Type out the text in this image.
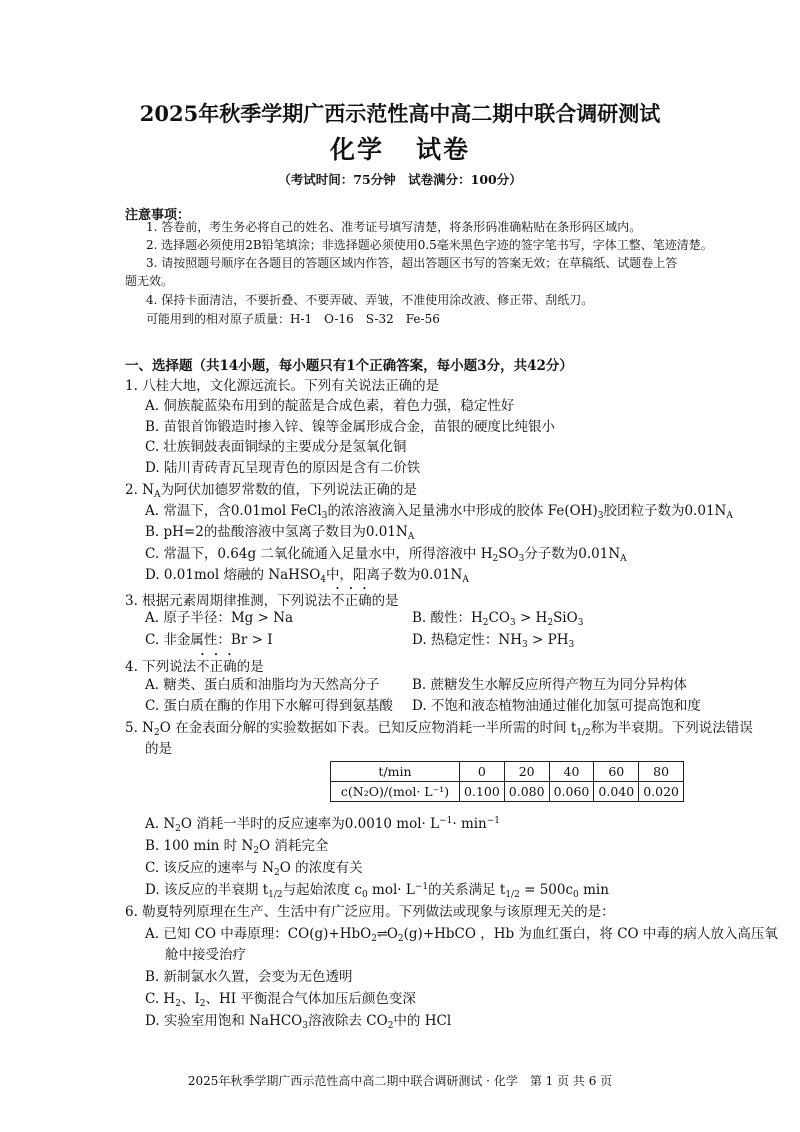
2025年秋季学期广西示范性高中高二期中联合调研测试
化学 试卷
（考试时间：75分钟　试卷满分：100分）
注意事项：
1. 答卷前，考生务必将自己的姓名、准考证号填写清楚，将条形码准确粘贴在条形码区域内。
2. 选择题必须使用2B铅笔填涂；非选择题必须使用0.5毫米黑色字迹的签字笔书写，字体工整、笔迹清楚。
3. 请按照题号顺序在各题目的答题区域内作答，超出答题区书写的答案无效；在草稿纸、试题卷上答
题无效。
4. 保持卡面清洁，不要折叠、不要弄破、弄皱，不准使用涂改液、修正带、刮纸刀。
可能用到的相对原子质量：H-1　O-16　S-32　Fe-56
一、选择题（共14小题，每小题只有1个正确答案，每小题3分，共42分）
1. 八桂大地，文化源远流长。下列有关说法正确的是
A. 侗族靛蓝染布用到的靛蓝是合成色素，着色力强，稳定性好
B. 苗银首饰锻造时掺入锌、镍等金属形成合金，苗银的硬度比纯银小
C. 壮族铜鼓表面铜绿的主要成分是氢氧化铜
D. 陆川青砖青瓦呈现青色的原因是含有二价铁
2. $N_A$为阿伏加德罗常数的值，下列说法正确的是
A. 常温下，含0.01mol FeCl$_3$的浓溶液滴入足量沸水中形成的胶体 $Fe(OH)_3$胶团粒子数为$0.01N_A$
B. pH=2的盐酸溶液中氢离子数目为$0.01N_A$
C. 常温下，0.64g 二氧化硫通入足量水中，所得溶液中 $H_2SO_3$分子数为$0.01N_A$
D. 0.01mol 熔融的 NaHSO$_4$中，阳离子数为$0.01N_A$
3. 根据元素周期律推测，下列说法不正确的是
A. 原子半径：Mg > Na	B. 酸性：$H_2CO_3 > H_2SiO_3$
C. 非金属性：Br > I	D. 热稳定性：$NH_3 > PH_3$
4. 下列说法不正确的是
A. 糖类、蛋白质和油脂均为天然高分子 B. 蔗糖发生水解反应所得产物互为同分异构体
C. 蛋白质在酶的作用下水解可得到氨基酸 D. 不饱和液态植物油通过催化加氢可提高饱和度
5. $N_2O$ 在金表面分解的实验数据如下表。已知反应物消耗一半所需的时间 $t_{1/2}$称为半衰期。下列说法错误
的是
t/min	0	20	40	60	80
c(N₂O)/(mol· L⁻¹)	0.100	0.080	0.060	0.040	0.020
A. $N_2O$ 消耗一半时的反应速率为0.0010 $mol\cdot L^{-1}\cdot \min^{-1}$
B. 100 min 时 $N_2O$ 消耗完全
C. 该反应的速率与 $N_2O$ 的浓度有关
D. 该反应的半衰期 $t_{1/2}$与起始浓度 $c_0$ $mol\cdot L^{-1}$的关系满足 $t_{1/2} = 500c_0$ min
6. 勒夏特列原理在生产、生活中有广泛应用。下列做法或现象与该原理无关的是：
A. 已知 CO 中毒原理：$CO(g)+HbO_2\rightleftharpoons O_2(g)+HbCO$ ，Hb 为血红蛋白，将 CO 中毒的病人放入高压氧
舱中接受治疗
B. 新制氯水久置，会变为无色透明
C. $H_2$、$I_2$、HI 平衡混合气体加压后颜色变深
D. 实验室用饱和 NaHCO$_3$溶液除去 $CO_2$中的 HCl
2025年秋季学期广西示范性高中高二期中联合调研测试 · 化学　第 1 页 共 6 页
